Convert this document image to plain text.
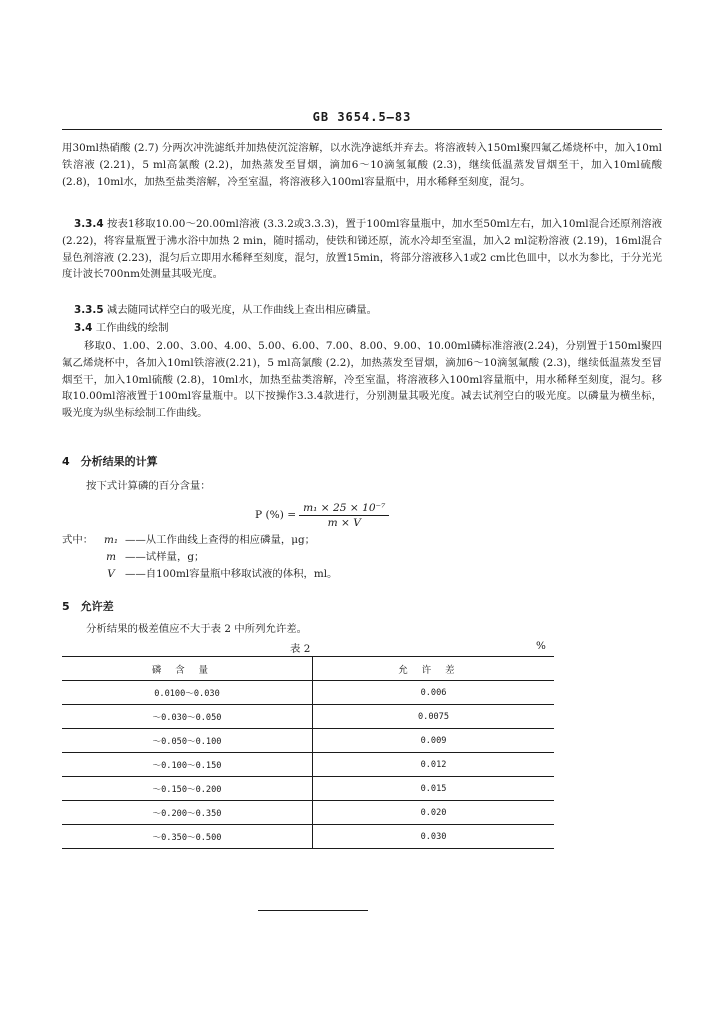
GB 3654.5—83
用30ml热硝酸 (2.7) 分两次冲洗滤纸并加热使沉淀溶解，以水洗净滤纸并弃去。将溶液转入150ml聚四氟乙烯烧杯中，加入10ml铁溶液 (2.21)，5 ml高氯酸 (2.2)，加热蒸发至冒烟，滴加6～10滴氢氟酸 (2.3)，继续低温蒸发冒烟至干，加入10ml硫酸 (2.8)，10ml水，加热至盐类溶解，冷至室温，将溶液移入100ml容量瓶中，用水稀释至刻度，混匀。
3.3.4 按表1移取10.00～20.00ml溶液 (3.3.2或3.3.3)，置于100ml容量瓶中，加水至50ml左右，加入10ml混合还原剂溶液 (2.22)，将容量瓶置于沸水浴中加热 2 min，随时摇动，使铁和锑还原，流水冷却至室温，加入2 ml淀粉溶液 (2.19)，16ml混合显色剂溶液 (2.23)，混匀后立即用水稀释至刻度，混匀，放置15min，将部分溶液移入1或2 cm比色皿中，以水为参比，于分光光度计波长700nm处测量其吸光度。
3.3.5 减去随同试样空白的吸光度，从工作曲线上查出相应磷量。
3.4 工作曲线的绘制
移取0、1.00、2.00、3.00、4.00、5.00、6.00、7.00、8.00、9.00、10.00ml磷标准溶液(2.24)，分别置于150ml聚四氟乙烯烧杯中，各加入10ml铁溶液(2.21)，5 ml高氯酸 (2.2)，加热蒸发至冒烟，滴加6～10滴氢氟酸 (2.3)，继续低温蒸发至冒烟至干，加入10ml硫酸 (2.8)，10ml水，加热至盐类溶解，冷至室温，将溶液移入100ml容量瓶中，用水稀释至刻度，混匀。移取10.00ml溶液置于100ml容量瓶中。以下按操作3.3.4款进行，分别测量其吸光度。减去试剂空白的吸光度。以磷量为横坐标，吸光度为纵坐标绘制工作曲线。
4　分析结果的计算
按下式计算磷的百分含量：
P (%) = $\frac{\text{m₁ × 25 × 10⁻⁷}}{m \times V}$
式中：	m₁ ——从工作曲线上查得的相应磷量，μg；
m ——试样量，g；
V ——自100ml容量瓶中移取试液的体积，ml。
5　允许差
分析结果的极差值应不大于表 2 中所列允许差。
表 2	%
磷含量	允许差
0.0100～0.030	0.006
～0.030～0.050	0.0075
～0.050～0.100	0.009
～0.100～0.150	0.012
～0.150～0.200	0.015
～0.200～0.350	0.020
～0.350～0.500	0.030
